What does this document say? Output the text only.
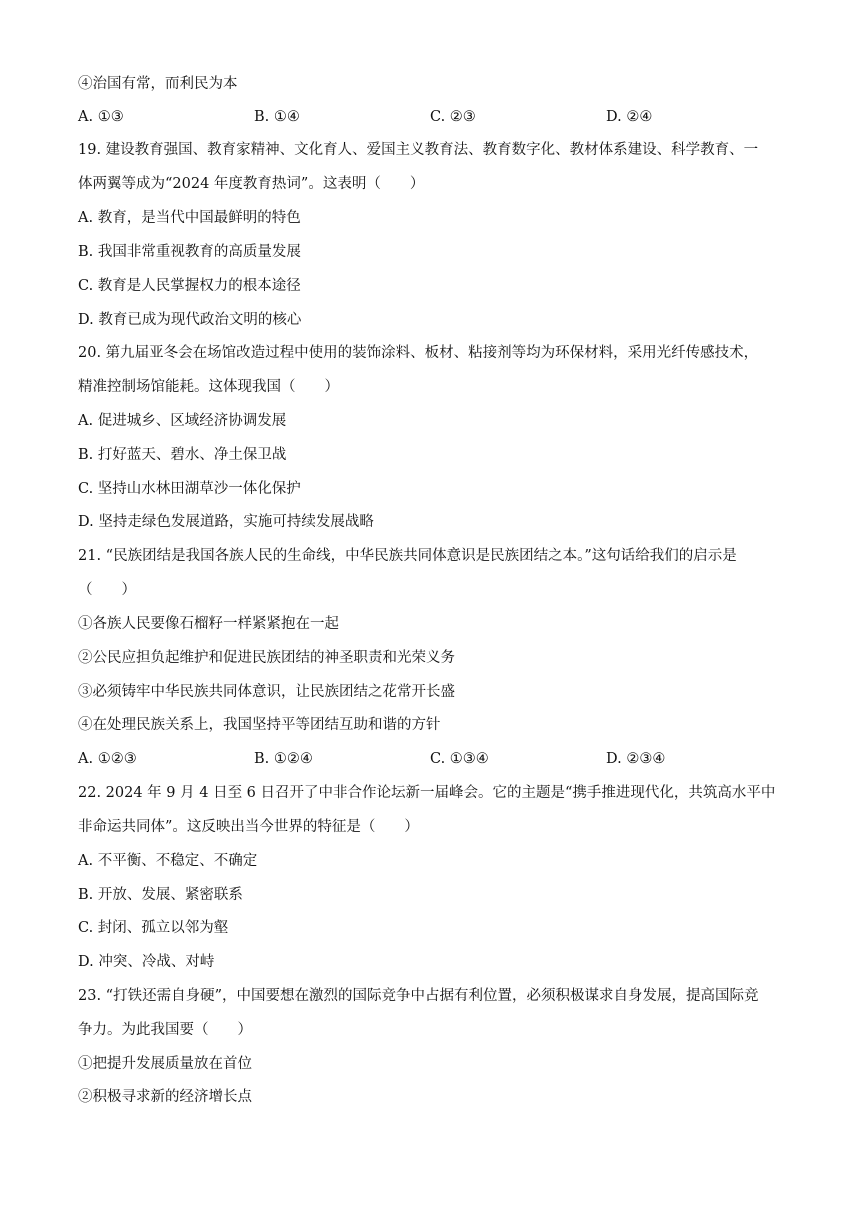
④治国有常，而利民为本
A. ①③	B. ①④	C. ②③	D. ②④
19. 建设教育强国、教育家精神、文化育人、爱国主义教育法、教育数字化、教材体系建设、科学教育、一
体两翼等成为“2024 年度教育热词”。这表明（　　）
A. 教育，是当代中国最鲜明的特色
B. 我国非常重视教育的高质量发展
C. 教育是人民掌握权力的根本途径
D. 教育已成为现代政治文明的核心
20. 第九届亚冬会在场馆改造过程中使用的装饰涂料、板材、粘接剂等均为环保材料，采用光纤传感技术，
精准控制场馆能耗。这体现我国（　　）
A. 促进城乡、区域经济协调发展
B. 打好蓝天、碧水、净土保卫战
C. 坚持山水林田湖草沙一体化保护
D. 坚持走绿色发展道路，实施可持续发展战略
21. “民族团结是我国各族人民的生命线，中华民族共同体意识是民族团结之本。”这句话给我们的启示是
（　　）
①各族人民要像石榴籽一样紧紧抱在一起
②公民应担负起维护和促进民族团结的神圣职责和光荣义务
③必须铸牢中华民族共同体意识，让民族团结之花常开长盛
④在处理民族关系上，我国坚持平等团结互助和谐的方针
A. ①②③	B. ①②④	C. ①③④	D. ②③④
22. 2024 年 9 月 4 日至 6 日召开了中非合作论坛新一届峰会。它的主题是“携手推进现代化，共筑高水平中
非命运共同体”。这反映出当今世界的特征是（　　）
A. 不平衡、不稳定、不确定
B. 开放、发展、紧密联系
C. 封闭、孤立以邻为壑
D. 冲突、冷战、对峙
23. “打铁还需自身硬”，中国要想在激烈的国际竞争中占据有利位置，必须积极谋求自身发展，提高国际竞
争力。为此我国要（　　）
①把提升发展质量放在首位
②积极寻求新的经济增长点
